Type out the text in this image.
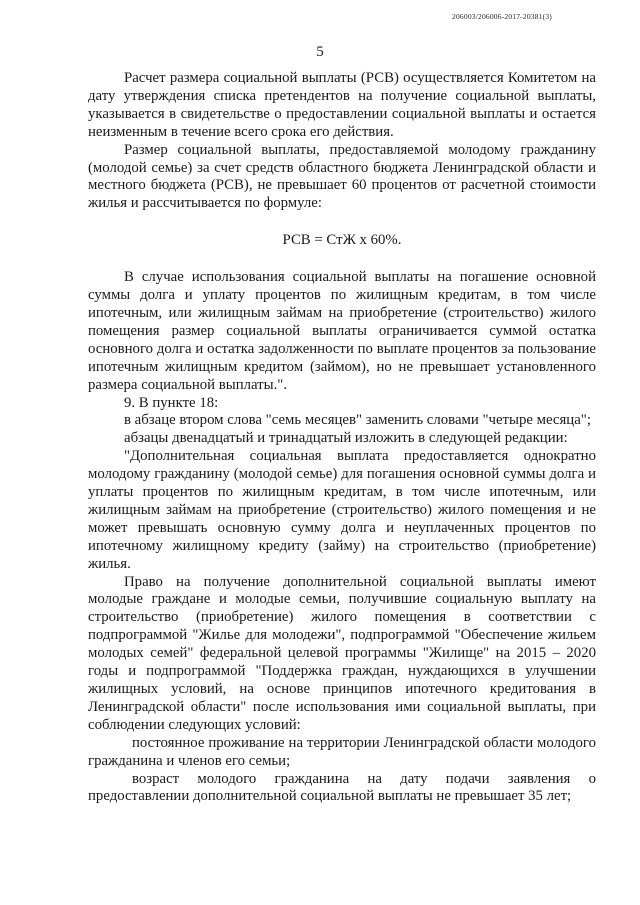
206003/206006-2017-20381(3)
5

Расчет размера социальной выплаты (РСВ) осуществляется Комитетом на дату утверждения списка претендентов на получение социальной выплаты, указывается в свидетельстве о предоставлении социальной выплаты и остается неизменным в течение всего срока его действия.

Размер социальной выплаты, предоставляемой молодому гражданину (молодой семье) за счет средств областного бюджета Ленинградской области и местного бюджета (РСВ), не превышает 60 процентов от расчетной стоимости жилья и рассчитывается по формуле:

РСВ = СтЖ х 60%.

В случае использования социальной выплаты на погашение основной суммы долга и уплату процентов по жилищным кредитам, в том числе ипотечным, или жилищным займам на приобретение (строительство) жилого помещения размер социальной выплаты ограничивается суммой остатка основного долга и остатка задолженности по выплате процентов за пользование ипотечным жилищным кредитом (займом), но не превышает установленного размера социальной выплаты.".

9. В пункте 18:

в абзаце втором слова "семь месяцев" заменить словами "четыре месяца";

абзацы двенадцатый и тринадцатый изложить в следующей редакции:

"Дополнительная социальная выплата предоставляется однократно молодому гражданину (молодой семье) для погашения основной суммы долга и уплаты процентов по жилищным кредитам, в том числе ипотечным, или жилищным займам на приобретение (строительство) жилого помещения и не может превышать основную сумму долга и неуплаченных процентов по ипотечному жилищному кредиту (займу) на строительство (приобретение) жилья.

Право на получение дополнительной социальной выплаты имеют молодые граждане и молодые семьи, получившие социальную выплату на строительство (приобретение) жилого помещения в соответствии с подпрограммой "Жилье для молодежи", подпрограммой "Обеспечение жильем молодых семей" федеральной целевой программы "Жилище" на 2015 – 2020 годы и подпрограммой "Поддержка граждан, нуждающихся в улучшении жилищных условий, на основе принципов ипотечного кредитования в Ленинградской области" после использования ими социальной выплаты, при соблюдении следующих условий:

постоянное проживание на территории Ленинградской области молодого гражданина и членов его семьи;

возраст молодого гражданина на дату подачи заявления о предоставлении дополнительной социальной выплаты не превышает 35 лет;
